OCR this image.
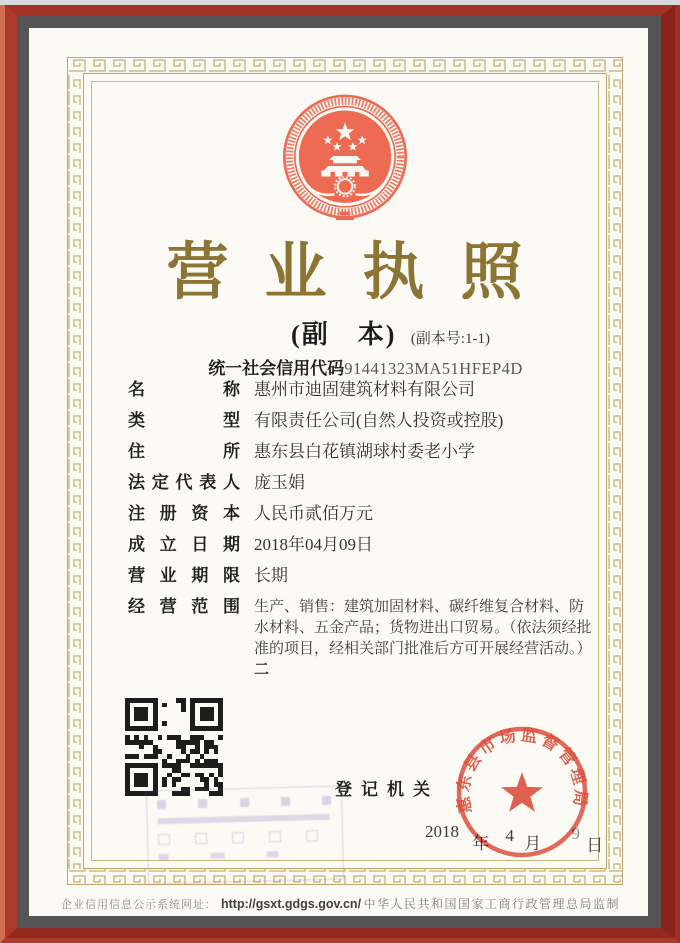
营业执照
(副　本) (副本号:1-1)
统一社会信用代码91441323MA51HFEP4D
名称 惠州市迪固建筑材料有限公司
类型 有限责任公司(自然人投资或控股)
住所 惠东县白花镇湖球村委老小学
法定代表人 庞玉娟
注册资本 人民币贰佰万元
成立日期 2018年04月09日
营业期限 长期
经营范围 生产、销售：建筑加固材料、碳纤维复合材料、防水材料、五金产品；货物进出口贸易。（依法须经批准的项目，经相关部门批准后方可开展经营活动。）二
登记机关
2018 年 4 月 9 日
惠东县市场监督管理局
企业信用信息公示系统网址： http://gsxt.gdgs.gov.cn/ 中华人民共和国国家工商行政管理总局监制
